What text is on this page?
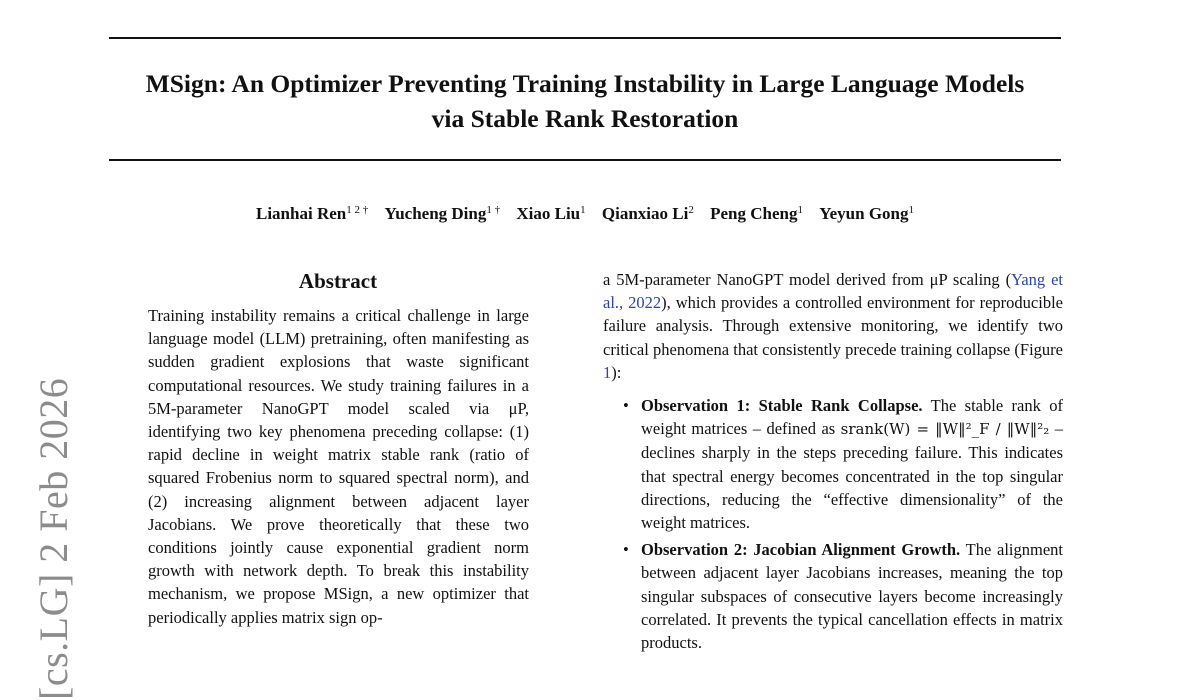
MSign: An Optimizer Preventing Training Instability in Large Language Models
via Stable Rank Restoration
Lianhai Ren$^{1 2 \dagger}$ Yucheng Ding$^{1 \dagger}$ Xiao Liu$^1$ Qianxiao Li$^2$ Peng Cheng$^1$ Yeyun Gong$^1$
[cs.LG] 2 Feb 2026
Abstract
Training instability remains a critical challenge in large language model (LLM) pretraining, often manifesting as sudden gradient explosions that waste significant computational resources. We study training failures in a 5M-parameter NanoGPT model scaled via μP, identifying two key phenomena preceding collapse: (1) rapid decline in weight matrix stable rank (ratio of squared Frobenius norm to squared spectral norm), and (2) increasing alignment between adjacent layer Jacobians. We prove theoretically that these two conditions jointly cause exponential gradient norm growth with network depth. To break this instability mechanism, we propose MSign, a new optimizer that periodically applies matrix sign op-

a 5M-parameter NanoGPT model derived from μP scaling (Yang et al., 2022), which provides a controlled environment for reproducible failure analysis. Through extensive monitoring, we identify two critical phenomena that consistently precede training collapse (Figure 1):

• Observation 1: Stable Rank Collapse. The stable rank of weight matrices – defined as srank(W) = ‖W‖²_F / ‖W‖²₂ – declines sharply in the steps preceding failure. This indicates that spectral energy becomes concentrated in the top singular directions, reducing the “effective dimensionality” of the weight matrices.
• Observation 2: Jacobian Alignment Growth. The alignment between adjacent layer Jacobians increases, meaning the top singular subspaces of consecutive layers become increasingly correlated. It prevents the typical cancellation effects in matrix products.
